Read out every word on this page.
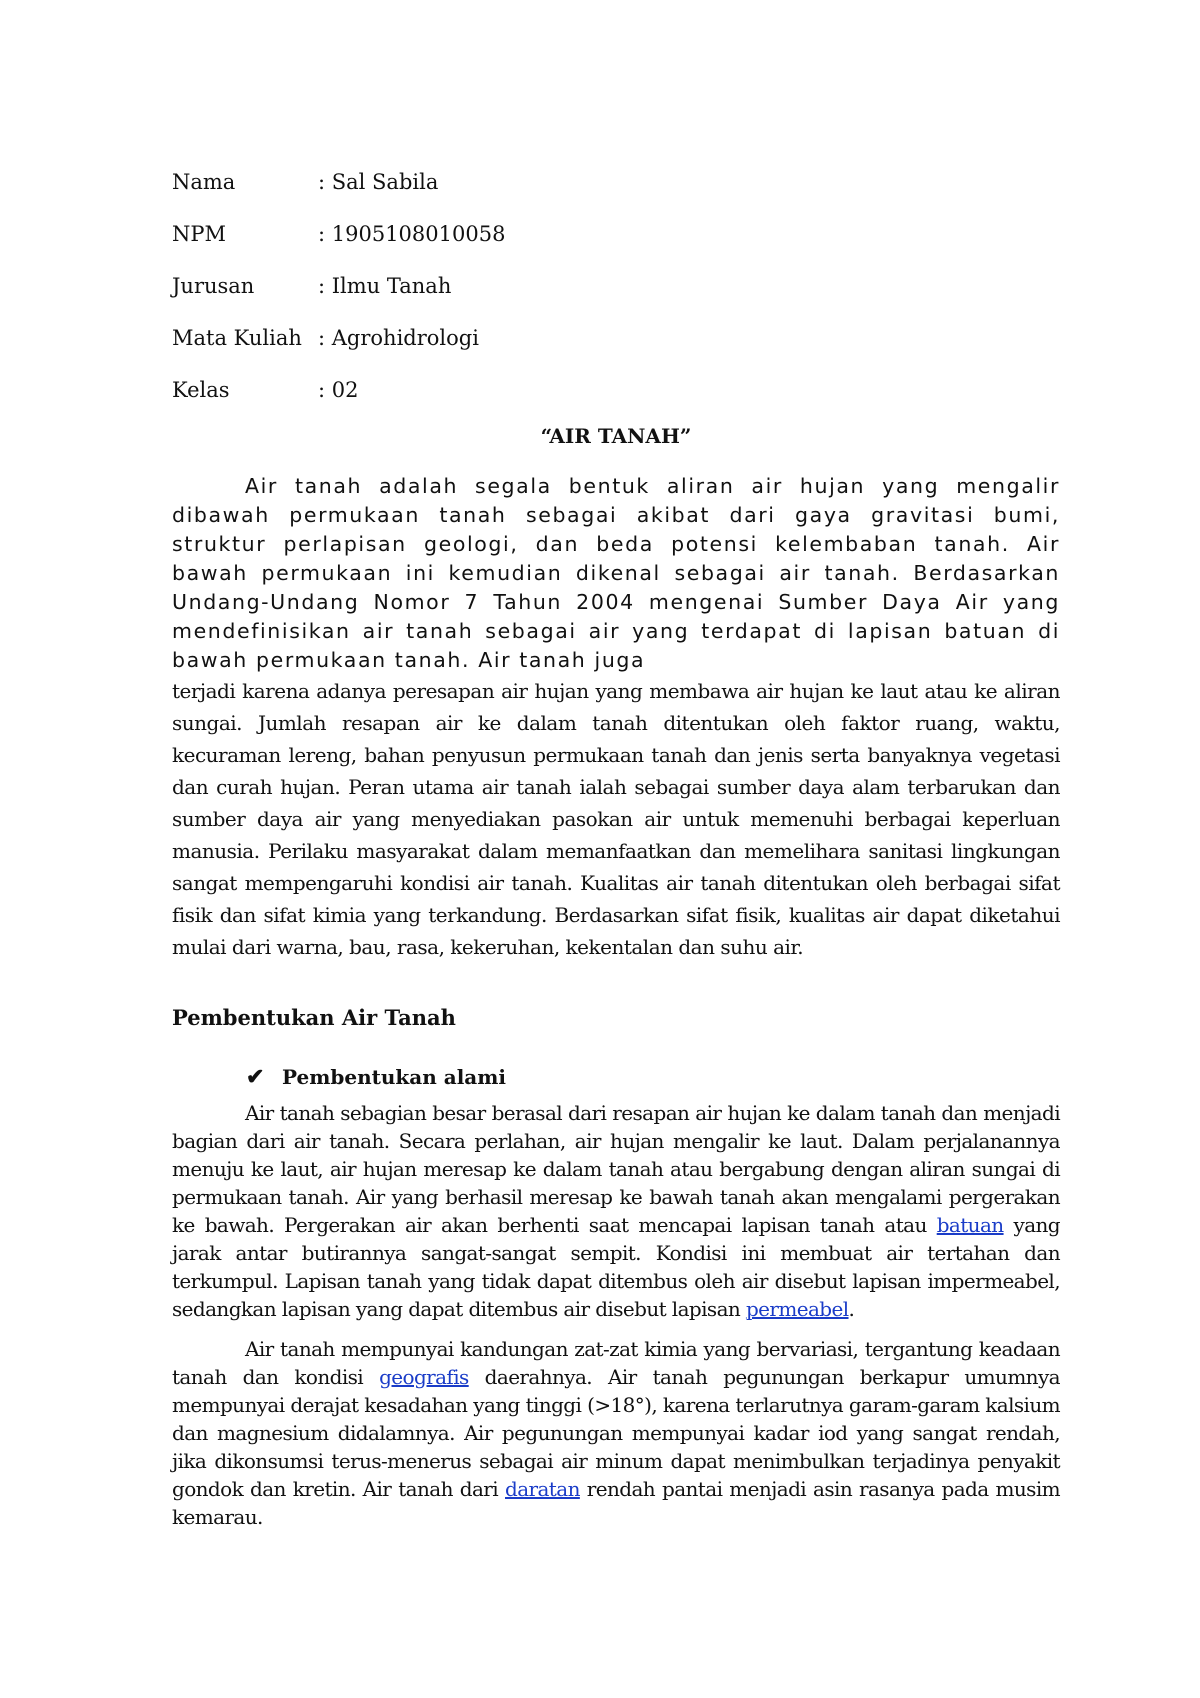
Nama	: Sal Sabila
NPM	: 1905108010058
Jurusan	: Ilmu Tanah
Mata Kuliah : Agrohidrologi
Kelas	: 02
“AIR TANAH”

Air tanah adalah segala bentuk aliran air hujan yang mengalir dibawah permukaan tanah sebagai akibat dari gaya gravitasi bumi, struktur perlapisan geologi, dan beda potensi kelembaban tanah. Air bawah permukaan ini kemudian dikenal sebagai air tanah. Berdasarkan Undang-Undang Nomor 7 Tahun 2004 mengenai Sumber Daya Air yang mendefinisikan air tanah sebagai air yang terdapat di lapisan batuan di bawah permukaan tanah. Air tanah juga

terjadi karena adanya peresapan air hujan yang membawa air hujan ke laut atau ke aliran sungai. Jumlah resapan air ke dalam tanah ditentukan oleh faktor ruang, waktu, kecuraman lereng, bahan penyusun permukaan tanah dan jenis serta banyaknya vegetasi dan curah hujan. Peran utama air tanah ialah sebagai sumber daya alam terbarukan dan sumber daya air yang menyediakan pasokan air untuk memenuhi berbagai keperluan manusia. Perilaku masyarakat dalam memanfaatkan dan memelihara sanitasi lingkungan sangat mempengaruhi kondisi air tanah. Kualitas air tanah ditentukan oleh berbagai sifat fisik dan sifat kimia yang terkandung. Berdasarkan sifat fisik, kualitas air dapat diketahui mulai dari warna, bau, rasa, kekeruhan, kekentalan dan suhu air.

Pembentukan Air Tanah
✔ Pembentukan alami

Air tanah sebagian besar berasal dari resapan air hujan ke dalam tanah dan menjadi bagian dari air tanah. Secara perlahan, air hujan mengalir ke laut. Dalam perjalanannya menuju ke laut, air hujan meresap ke dalam tanah atau bergabung dengan aliran sungai di permukaan tanah. Air yang berhasil meresap ke bawah tanah akan mengalami pergerakan ke bawah. Pergerakan air akan berhenti saat mencapai lapisan tanah atau batuan yang jarak antar butirannya sangat-sangat sempit. Kondisi ini membuat air tertahan dan terkumpul. Lapisan tanah yang tidak dapat ditembus oleh air disebut lapisan impermeabel, sedangkan lapisan yang dapat ditembus air disebut lapisan permeabel.

Air tanah mempunyai kandungan zat-zat kimia yang bervariasi, tergantung keadaan tanah dan kondisi geografis daerahnya. Air tanah pegunungan berkapur umumnya mempunyai derajat kesadahan yang tinggi (>18°), karena terlarutnya garam-garam kalsium dan magnesium didalamnya. Air pegunungan mempunyai kadar iod yang sangat rendah, jika dikonsumsi terus-menerus sebagai air minum dapat menimbulkan terjadinya penyakit gondok dan kretin. Air tanah dari daratan rendah pantai menjadi asin rasanya pada musim kemarau.
